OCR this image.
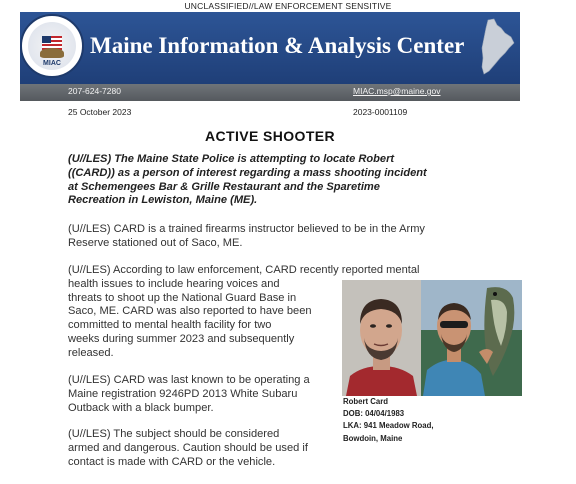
UNCLASSIFIED//LAW ENFORCEMENT SENSITIVE
MIAC
Maine Information & Analysis Center
207-624-7280	MIAC.msp@maine.gov
25 October 2023	2023-0001109
ACTIVE SHOOTER
(U//LES) The Maine State Police is attempting to locate Robert
((CARD)) as a person of interest regarding a mass shooting incident
at Schemengees Bar & Grille Restaurant and the Sparetime
Recreation in Lewiston, Maine (ME).
(U//LES) CARD is a trained firearms instructor believed to be in the Army
Reserve stationed out of Saco, ME.
(U//LES) According to law enforcement, CARD recently reported mental
health issues to include hearing voices and
threats to shoot up the National Guard Base in
Saco, ME. CARD was also reported to have been
committed to mental health facility for two
weeks during summer 2023 and subsequently
released.
(U//LES) CARD was last known to be operating a
Maine registration 9246PD 2013 White Subaru
Outback with a black bumper.
(U//LES) The subject should be considered
armed and dangerous. Caution should be used if
contact is made with CARD or the vehicle.
Robert Card
DOB: 04/04/1983
LKA: 941 Meadow Road,
Bowdoin, Maine
